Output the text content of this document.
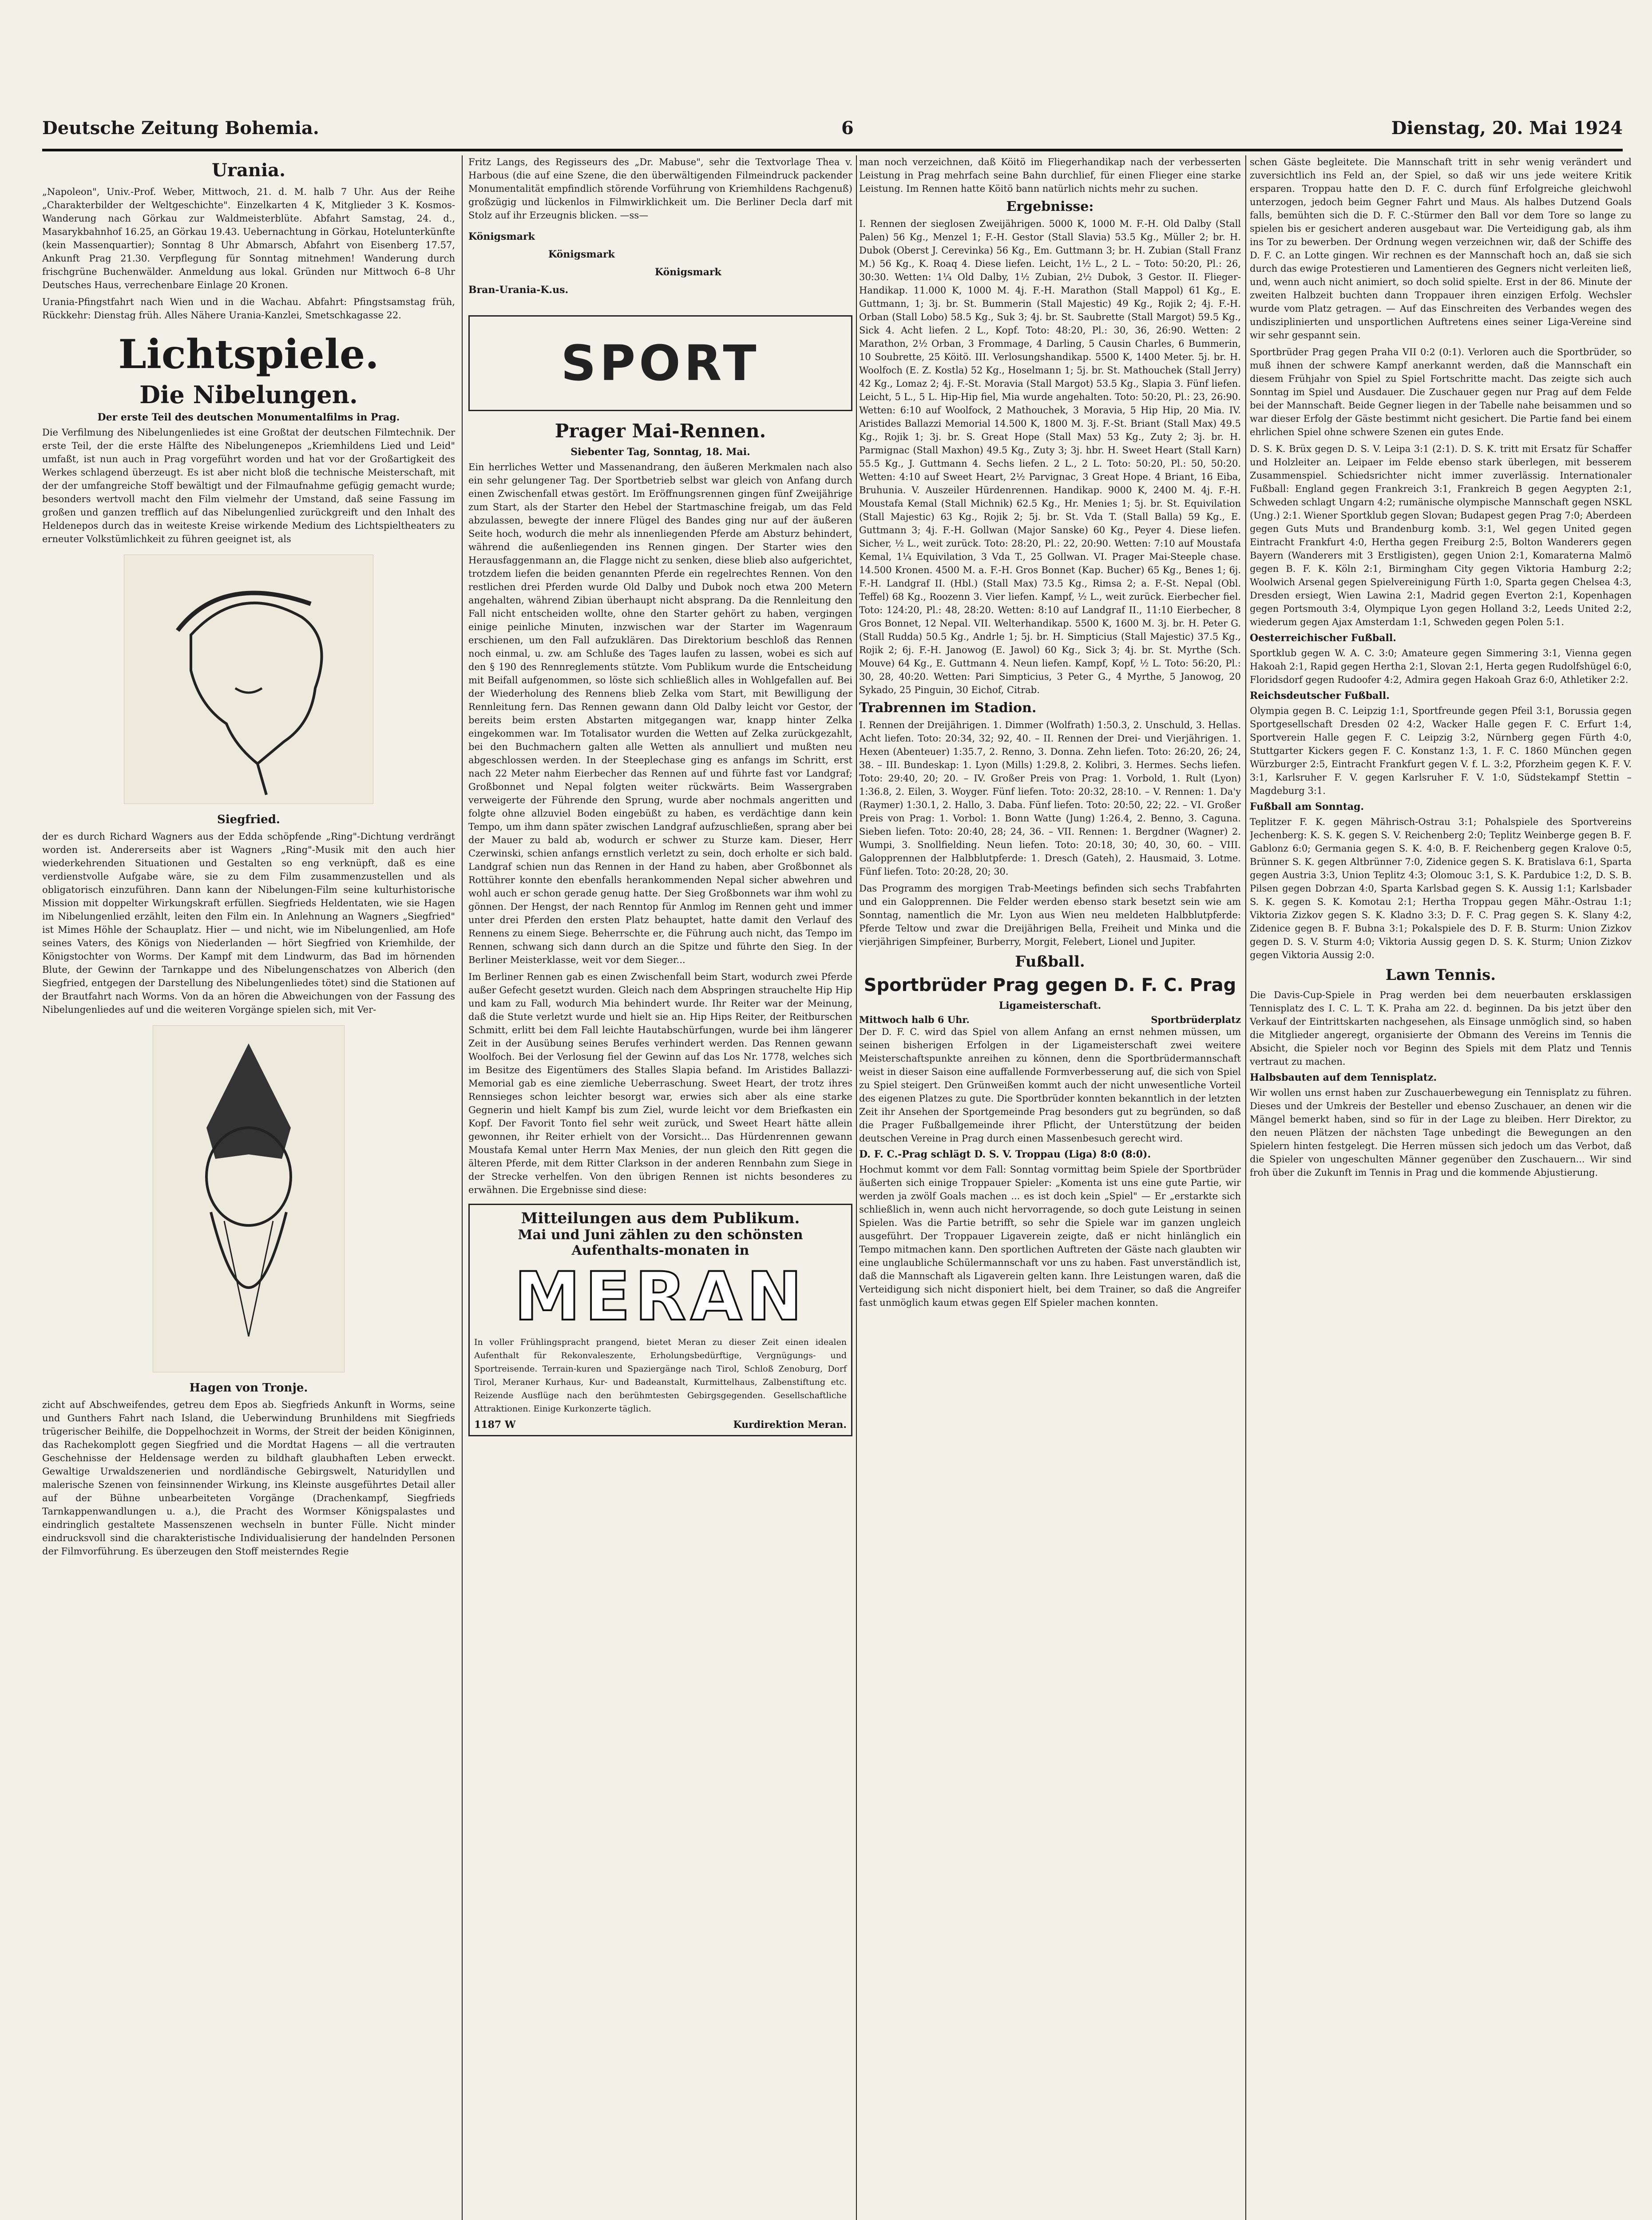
Deutsche Zeitung Bohemia.	6	Dienstag, 20. Mai 1924
Urania.

„Napoleon", Univ.-Prof. Weber, Mittwoch, 21. d. M. halb 7 Uhr. Aus der Reihe „Charakterbilder der Weltgeschichte". Einzelkarten 4 K, Mitglieder 3 K. Kosmos-Wanderung nach Görkau zur Waldmeisterblüte. Abfahrt Samstag, 24. d., Masarykbahnhof 16.25, an Görkau 19.43. Uebernachtung in Görkau, Hotelunterkünfte (kein Massenquartier); Sonntag 8 Uhr Abmarsch, Abfahrt von Eisenberg 17.57, Ankunft Prag 21.30. Verpflegung für Sonntag mitnehmen! Wanderung durch frischgrüne Buchenwälder. Anmeldung aus lokal. Gründen nur Mittwoch 6–8 Uhr Deutsches Haus, verrechenbare Einlage 20 Kronen.

Urania-Pfingstfahrt nach Wien und in die Wachau. Abfahrt: Pfingstsamstag früh, Rückkehr: Dienstag früh. Alles Nähere Urania-Kanzlei, Smetschkagasse 22.

Lichtspiele.
Die Nibelungen.
Der erste Teil des deutschen Monumentalfilms in Prag.

Die Verfilmung des Nibelungenliedes ist eine Großtat der deutschen Filmtechnik. Der erste Teil, der die erste Hälfte des Nibelungenepos „Kriemhildens Lied und Leid" umfaßt, ist nun auch in Prag vorgeführt worden und hat vor der Großartigkeit des Werkes schlagend überzeugt. Es ist aber nicht bloß die technische Meisterschaft, mit der der umfangreiche Stoff bewältigt und der Filmaufnahme gefügig gemacht wurde; besonders wertvoll macht den Film vielmehr der Umstand, daß seine Fassung im großen und ganzen trefflich auf das Nibelungenlied zurückgreift und den Inhalt des Heldenepos durch das in weiteste Kreise wirkende Medium des Lichtspieltheaters zu erneuter Volkstümlichkeit zu führen geeignet ist, als

Siegfried.

der es durch Richard Wagners aus der Edda schöpfende „Ring"-Dichtung verdrängt worden ist. Andererseits aber ist Wagners „Ring"-Musik mit den auch hier wiederkehrenden Situationen und Gestalten so eng verknüpft, daß es eine verdienstvolle Aufgabe wäre, sie zu dem Film zusammenzustellen und als obligatorisch einzuführen. Dann kann der Nibelungen-Film seine kulturhistorische Mission mit doppelter Wirkungskraft erfüllen. Siegfrieds Heldentaten, wie sie Hagen im Nibelungenlied erzählt, leiten den Film ein. In Anlehnung an Wagners „Siegfried" ist Mimes Höhle der Schauplatz. Hier — und nicht, wie im Nibelungenlied, am Hofe seines Vaters, des Königs von Niederlanden — hört Siegfried von Kriemhilde, der Königstochter von Worms. Der Kampf mit dem Lindwurm, das Bad im hörnenden Blute, der Gewinn der Tarnkappe und des Nibelungenschatzes von Alberich (den Siegfried, entgegen der Darstellung des Nibelungenliedes tötet) sind die Stationen auf der Brautfahrt nach Worms. Von da an hören die Abweichungen von der Fassung des Nibelungenliedes auf und die weiteren Vorgänge spielen sich, mit Ver-

Hagen von Tronje.

zicht auf Abschweifendes, getreu dem Epos ab. Siegfrieds Ankunft in Worms, seine und Gunthers Fahrt nach Island, die Ueberwindung Brunhildens mit Siegfrieds trügerischer Beihilfe, die Doppelhochzeit in Worms, der Streit der beiden Königinnen, das Rachekomplott gegen Siegfried und die Mordtat Hagens — all die vertrauten Geschehnisse der Heldensage werden zu bildhaft glaubhaften Leben erweckt. Gewaltige Urwaldszenerien und nordländische Gebirgswelt, Naturidyllen und malerische Szenen von feinsinnender Wirkung, ins Kleinste ausgeführtes Detail aller auf der Bühne unbearbeiteten Vorgänge (Drachenkampf, Siegfrieds Tarnkappenwandlungen u. a.), die Pracht des Wormser Königspalastes und eindringlich gestaltete Massenszenen wechseln in bunter Fülle. Nicht minder eindrucksvoll sind die charakteristische Individualisierung der handelnden Personen der Filmvorführung. Es überzeugen den Stoff meisterndes Regie

Fritz Langs, des Regisseurs des „Dr. Mabuse", sehr die Textvorlage Thea v. Harbous (die auf eine Szene, die den überwältigenden Filmeindruck packender Monumentalität empfindlich störende Vorführung von Kriemhildens Rachgenuß) großzügig und lückenlos in Filmwirklichkeit um. Die Berliner Decla darf mit Stolz auf ihr Erzeugnis blicken. —ss—

Königsmark
Königsmark
Königsmark
Bran-Urania-K.us.
SPORT
Prager Mai-Rennen.
Siebenter Tag, Sonntag, 18. Mai.

Ein herrliches Wetter und Massenandrang, den äußeren Merkmalen nach also ein sehr gelungener Tag. Der Sportbetrieb selbst war gleich von Anfang durch einen Zwischenfall etwas gestört. Im Eröffnungsrennen gingen fünf Zweijährige zum Start, als der Starter den Hebel der Startmaschine freigab, um das Feld abzulassen, bewegte der innere Flügel des Bandes ging nur auf der äußeren Seite hoch, wodurch die mehr als innenliegenden Pferde am Absturz behindert, während die außenliegenden ins Rennen gingen. Der Starter wies den Herausfaggenmann an, die Flagge nicht zu senken, diese blieb also aufgerichtet, trotzdem liefen die beiden genannten Pferde ein regelrechtes Rennen. Von den restlichen drei Pferden wurde Old Dalby und Dubok noch etwa 200 Metern angehalten, während Zibian überhaupt nicht absprang. Da die Rennleitung den Fall nicht entscheiden wollte, ohne den Starter gehört zu haben, vergingen einige peinliche Minuten, inzwischen war der Starter im Wagenraum erschienen, um den Fall aufzuklären. Das Direktorium beschloß das Rennen noch einmal, u. zw. am Schluße des Tages laufen zu lassen, wobei es sich auf den § 190 des Rennreglements stützte. Vom Publikum wurde die Entscheidung mit Beifall aufgenommen, so löste sich schließlich alles in Wohlgefallen auf. Bei der Wiederholung des Rennens blieb Zelka vom Start, mit Bewilligung der Rennleitung fern. Das Rennen gewann dann Old Dalby leicht vor Gestor, der bereits beim ersten Abstarten mitgegangen war, knapp hinter Zelka eingekommen war. Im Totalisator wurden die Wetten auf Zelka zurückgezahlt, bei den Buchmachern galten alle Wetten als annulliert und mußten neu abgeschlossen werden. In der Steeplechase ging es anfangs im Schritt, erst nach 22 Meter nahm Eierbecher das Rennen auf und führte fast vor Landgraf; Großbonnet und Nepal folgten weiter rückwärts. Beim Wassergraben verweigerte der Führende den Sprung, wurde aber nochmals angeritten und folgte ohne allzuviel Boden eingebüßt zu haben, es verdächtige dann kein Tempo, um ihm dann später zwischen Landgraf aufzuschließen, sprang aber bei der Mauer zu bald ab, wodurch er schwer zu Sturze kam. Dieser, Herr Czerwinski, schien anfangs ernstlich verletzt zu sein, doch erholte er sich bald. Landgraf schien nun das Rennen in der Hand zu haben, aber Großbonnet als Rottührer konnte den ebenfalls herankommenden Nepal sicher abwehren und wohl auch er schon gerade genug hatte. Der Sieg Großbonnets war ihm wohl zu gönnen. Der Hengst, der nach Renntop für Anmlog im Rennen geht und immer unter drei Pferden den ersten Platz behauptet, hatte damit den Verlauf des Rennens zu einem Siege. Beherrschte er, die Führung auch nicht, das Tempo im Rennen, schwang sich dann durch an die Spitze und führte den Sieg. In der Berliner Meisterklasse, weit vor dem Sieger...

Im Berliner Rennen gab es einen Zwischenfall beim Start, wodurch zwei Pferde außer Gefecht gesetzt wurden. Gleich nach dem Abspringen strauchelte Hip Hip und kam zu Fall, wodurch Mia behindert wurde. Ihr Reiter war der Meinung, daß die Stute verletzt wurde und hielt sie an. Hip Hips Reiter, der Reitburschen Schmitt, erlitt bei dem Fall leichte Hautabschürfungen, wurde bei ihm längerer Zeit in der Ausübung seines Berufes verhindert werden. Das Rennen gewann Woolfoch. Bei der Verlosung fiel der Gewinn auf das Los Nr. 1778, welches sich im Besitze des Eigentümers des Stalles Slapia befand. Im Aristides Ballazzi-Memorial gab es eine ziemliche Ueberraschung. Sweet Heart, der trotz ihres Rennsieges schon leichter besorgt war, erwies sich aber als eine starke Gegnerin und hielt Kampf bis zum Ziel, wurde leicht vor dem Briefkasten ein Kopf. Der Favorit Tonto fiel sehr weit zurück, und Sweet Heart hätte allein gewonnen, ihr Reiter erhielt von der Vorsicht... Das Hürdenrennen gewann Moustafa Kemal unter Herrn Max Menies, der nun gleich den Ritt gegen die älteren Pferde, mit dem Ritter Clarkson in der anderen Rennbahn zum Siege in der Strecke verhelfen. Von den übrigen Rennen ist nichts besonderes zu erwähnen. Die Ergebnisse sind diese:

Mitteilungen aus dem Publikum.
Mai und Juni zählen zu den schönsten Aufenthalts-monaten in
MERAN

In voller Frühlingspracht prangend, bietet Meran zu dieser Zeit einen idealen Aufenthalt für Rekonvaleszente, Erholungsbedürftige, Vergnügungs- und Sportreisende. Terrain-kuren und Spaziergänge nach Tirol, Schloß Zenoburg, Dorf Tirol, Meraner Kurhaus, Kur- und Badeanstalt, Kurmittelhaus, Zalbenstiftung etc. Reizende Ausflüge nach den berühmtesten Gebirgsgegenden. Gesellschaftliche Attraktionen. Einige Kurkonzerte täglich.

1187 W	Kurdirektion Meran.

man noch verzeichnen, daß Köitö im Fliegerhandikap nach der verbesserten Leistung in Prag mehrfach seine Bahn durchlief, für einen Flieger eine starke Leistung. Im Rennen hatte Köitö bann natürlich nichts mehr zu suchen.

Ergebnisse:

I. Rennen der sieglosen Zweijährigen. 5000 K, 1000 M. F.-H. Old Dalby (Stall Palen) 56 Kg., Menzel 1; F.-H. Gestor (Stall Slavia) 53.5 Kg., Müller 2; br. H. Dubok (Oberst J. Cerevinka) 56 Kg., Em. Guttmann 3; br. H. Zubian (Stall Franz M.) 56 Kg., K. Roaq 4. Diese liefen. Leicht, 1½ L., 2 L. – Toto: 50:20, Pl.: 26, 30:30. Wetten: 1¼ Old Dalby, 1½ Zubian, 2½ Dubok, 3 Gestor. II. Flieger-Handikap. 11.000 K, 1000 M. 4j. F.-H. Marathon (Stall Mappol) 61 Kg., E. Guttmann, 1; 3j. br. St. Bummerin (Stall Majestic) 49 Kg., Rojik 2; 4j. F.-H. Orban (Stall Lobo) 58.5 Kg., Suk 3; 4j. br. St. Saubrette (Stall Margot) 59.5 Kg., Sick 4. Acht liefen. 2 L., Kopf. Toto: 48:20, Pl.: 30, 36, 26:90. Wetten: 2 Marathon, 2½ Orban, 3 Frommage, 4 Darling, 5 Causin Charles, 6 Bummerin, 10 Soubrette, 25 Köitö. III. Verlosungshandikap. 5500 K, 1400 Meter. 5j. br. H. Woolfoch (E. Z. Kostla) 52 Kg., Hoselmann 1; 5j. br. St. Mathouchek (Stall Jerry) 42 Kg., Lomaz 2; 4j. F.-St. Moravia (Stall Margot) 53.5 Kg., Slapia 3. Fünf liefen. Leicht, 5 L., 5 L. Hip-Hip fiel, Mia wurde angehalten. Toto: 50:20, Pl.: 23, 26:90. Wetten: 6:10 auf Woolfock, 2 Mathouchek, 3 Moravia, 5 Hip Hip, 20 Mia. IV. Aristides Ballazzi Memorial 14.500 K, 1800 M. 3j. F.-St. Briant (Stall Max) 49.5 Kg., Rojik 1; 3j. br. S. Great Hope (Stall Max) 53 Kg., Zuty 2; 3j. br. H. Parmignac (Stall Maxhon) 49.5 Kg., Zuty 3; 3j. hbr. H. Sweet Heart (Stall Karn) 55.5 Kg., J. Guttmann 4. Sechs liefen. 2 L., 2 L. Toto: 50:20, Pl.: 50, 50:20. Wetten: 4:10 auf Sweet Heart, 2½ Parvignac, 3 Great Hope. 4 Briant, 16 Eiba, Bruhunia. V. Auszeiler Hürdenrennen. Handikap. 9000 K, 2400 M. 4j. F.-H. Moustafa Kemal (Stall Michnik) 62.5 Kg., Hr. Menies 1; 5j. br. St. Equivilation (Stall Majestic) 63 Kg., Rojik 2; 5j. br. St. Vda T. (Stall Balla) 59 Kg., E. Guttmann 3; 4j. F.-H. Gollwan (Major Sanske) 60 Kg., Peyer 4. Diese liefen. Sicher, ½ L., weit zurück. Toto: 28:20, Pl.: 22, 20:90. Wetten: 7:10 auf Moustafa Kemal, 1¼ Equivilation, 3 Vda T., 25 Gollwan. VI. Prager Mai-Steeple chase. 14.500 Kronen. 4500 M. a. F.-H. Gros Bonnet (Kap. Bucher) 65 Kg., Benes 1; 6j. F.-H. Landgraf II. (Hbl.) (Stall Max) 73.5 Kg., Rimsa 2; a. F.-St. Nepal (Obl. Teffel) 68 Kg., Roozenn 3. Vier liefen. Kampf, ½ L., weit zurück. Eierbecher fiel. Toto: 124:20, Pl.: 48, 28:20. Wetten: 8:10 auf Landgraf II., 11:10 Eierbecher, 8 Gros Bonnet, 12 Nepal. VII. Welterhandikap. 5500 K, 1600 M. 3j. br. H. Peter G. (Stall Rudda) 50.5 Kg., Andrle 1; 5j. br. H. Simpticius (Stall Majestic) 37.5 Kg., Rojik 2; 6j. F.-H. Janowog (E. Jawol) 60 Kg., Sick 3; 4j. br. St. Myrthe (Sch. Mouve) 64 Kg., E. Guttmann 4. Neun liefen. Kampf, Kopf, ½ L. Toto: 56:20, Pl.: 30, 28, 40:20. Wetten: Pari Simpticius, 3 Peter G., 4 Myrthe, 5 Janowog, 20 Sykado, 25 Pinguin, 30 Eichof, Citrab.

Trabrennen im Stadion.

I. Rennen der Dreijährigen. 1. Dimmer (Wolfrath) 1:50.3, 2. Unschuld, 3. Hellas. Acht liefen. Toto: 20:34, 32; 92, 40. – II. Rennen der Drei- und Vierjährigen. 1. Hexen (Abenteuer) 1:35.7, 2. Renno, 3. Donna. Zehn liefen. Toto: 26:20, 26; 24, 38. – III. Bundeskap: 1. Lyon (Mills) 1:29.8, 2. Kolibri, 3. Hermes. Sechs liefen. Toto: 29:40, 20; 20. – IV. Großer Preis von Prag: 1. Vorbold, 1. Rult (Lyon) 1:36.8, 2. Eilen, 3. Woyger. Fünf liefen. Toto: 20:32, 28:10. – V. Rennen: 1. Da'y (Raymer) 1:30.1, 2. Hallo, 3. Daba. Fünf liefen. Toto: 20:50, 22; 22. – VI. Großer Preis von Prag: 1. Vorbol: 1. Bonn Watte (Jung) 1:26.4, 2. Benno, 3. Caguna. Sieben liefen. Toto: 20:40, 28; 24, 36. – VII. Rennen: 1. Bergdner (Wagner) 2. Wumpi, 3. Snollfielding. Neun liefen. Toto: 20:18, 30; 40, 30, 60. – VIII. Galopprennen der Halbblutpferde: 1. Dresch (Gateh), 2. Hausmaid, 3. Lotme. Fünf liefen. Toto: 20:28, 20; 30.

Das Programm des morgigen Trab-Meetings befinden sich sechs Trabfahrten und ein Galopprennen. Die Felder werden ebenso stark besetzt sein wie am Sonntag, namentlich die Mr. Lyon aus Wien neu meldeten Halbblutpferde: Pferde Teltow und zwar die Dreijährigen Bella, Freiheit und Minka und die vierjährigen Simpfeiner, Burberry, Morgit, Felebert, Lionel und Jupiter.

Fußball.
Sportbrüder Prag gegen D. F. C. Prag
Ligameisterschaft.
Mittwoch halb 6 Uhr.	Sportbrüderplatz

Der D. F. C. wird das Spiel von allem Anfang an ernst nehmen müssen, um seinen bisherigen Erfolgen in der Ligameisterschaft zwei weitere Meisterschaftspunkte anreihen zu können, denn die Sportbrüdermannschaft weist in dieser Saison eine auffallende Formverbesserung auf, die sich von Spiel zu Spiel steigert. Den Grünweißen kommt auch der nicht unwesentliche Vorteil des eigenen Platzes zu gute. Die Sportbrüder konnten bekanntlich in der letzten Zeit ihr Ansehen der Sportgemeinde Prag besonders gut zu begründen, so daß die Prager Fußballgemeinde ihrer Pflicht, der Unterstützung der beiden deutschen Vereine in Prag durch einen Massenbesuch gerecht wird.

D. F. C.-Prag schlägt D. S. V. Troppau (Liga) 8:0 (8:0).

Hochmut kommt vor dem Fall: Sonntag vormittag beim Spiele der Sportbrüder äußerten sich einige Troppauer Spieler: „Komenta ist uns eine gute Partie, wir werden ja zwölf Goals machen ... es ist doch kein „Spiel" — Er „erstarkte sich schließlich in, wenn auch nicht hervorragende, so doch gute Leistung in seinen Spielen. Was die Partie betrifft, so sehr die Spiele war im ganzen ungleich ausgeführt. Der Troppauer Ligaverein zeigte, daß er nicht hinlänglich ein Tempo mitmachen kann. Den sportlichen Auftreten der Gäste nach glaubten wir eine unglaubliche Schülermannschaft vor uns zu haben. Fast unverständlich ist, daß die Mannschaft als Ligaverein gelten kann. Ihre Leistungen waren, daß die Verteidigung sich nicht disponiert hielt, bei dem Trainer, so daß die Angreifer fast unmöglich kaum etwas gegen Elf Spieler machen konnten.

schen Gäste begleitete. Die Mannschaft tritt in sehr wenig verändert und zuversichtlich ins Feld an, der Spiel, so daß wir uns jede weitere Kritik ersparen. Troppau hatte den D. F. C. durch fünf Erfolgreiche gleichwohl unterzogen, jedoch beim Gegner Fahrt und Maus. Als halbes Dutzend Goals falls, bemühten sich die D. F. C.-Stürmer den Ball vor dem Tore so lange zu spielen bis er gesichert anderen ausgebaut war. Die Verteidigung gab, als ihm ins Tor zu bewerben. Der Ordnung wegen verzeichnen wir, daß der Schiffe des D. F. C. an Lotte gingen. Wir rechnen es der Mannschaft hoch an, daß sie sich durch das ewige Protestieren und Lamentieren des Gegners nicht verleiten ließ, und, wenn auch nicht animiert, so doch solid spielte. Erst in der 86. Minute der zweiten Halbzeit buchten dann Troppauer ihren einzigen Erfolg. Wechsler wurde vom Platz getragen. — Auf das Einschreiten des Verbandes wegen des undisziplinierten und unsportlichen Auftretens eines seiner Liga-Vereine sind wir sehr gespannt sein.

Sportbrüder Prag gegen Praha VII 0:2 (0:1). Verloren auch die Sportbrüder, so muß ihnen der schwere Kampf anerkannt werden, daß die Mannschaft ein diesem Frühjahr von Spiel zu Spiel Fortschritte macht. Das zeigte sich auch Sonntag im Spiel und Ausdauer. Die Zuschauer gegen nur Prag auf dem Felde bei der Mannschaft. Beide Gegner liegen in der Tabelle nahe beisammen und so war dieser Erfolg der Gäste bestimmt nicht gesichert. Die Partie fand bei einem ehrlichen Spiel ohne schwere Szenen ein gutes Ende.

D. S. K. Brüx gegen D. S. V. Leipa 3:1 (2:1). D. S. K. tritt mit Ersatz für Schaffer und Holzleiter an. Leipaer im Felde ebenso stark überlegen, mit besserem Zusammenspiel. Schiedsrichter nicht immer zuverlässig. Internationaler Fußball: England gegen Frankreich 3:1, Frankreich B gegen Aegypten 2:1, Schweden schlagt Ungarn 4:2; rumänische olympische Mannschaft gegen NSKL (Ung.) 2:1. Wiener Sportklub gegen Slovan; Budapest gegen Prag 7:0; Aberdeen gegen Guts Muts und Brandenburg komb. 3:1, Wel gegen United gegen Eintracht Frankfurt 4:0, Hertha gegen Freiburg 2:5, Bolton Wanderers gegen Bayern (Wanderers mit 3 Erstligisten), gegen Union 2:1, Komaraterna Malmö gegen B. F. K. Köln 2:1, Birmingham City gegen Viktoria Hamburg 2:2; Woolwich Arsenal gegen Spielvereinigung Fürth 1:0, Sparta gegen Chelsea 4:3, Dresden ersiegt, Wien Lawina 2:1, Madrid gegen Everton 2:1, Kopenhagen gegen Portsmouth 3:4, Olympique Lyon gegen Holland 3:2, Leeds United 2:2, wiederum gegen Ajax Amsterdam 1:1, Schweden gegen Polen 5:1.

Oesterreichischer Fußball.

Sportklub gegen W. A. C. 3:0; Amateure gegen Simmering 3:1, Vienna gegen Hakoah 2:1, Rapid gegen Hertha 2:1, Slovan 2:1, Herta gegen Rudolfshügel 6:0, Floridsdorf gegen Rudoofer 4:2, Admira gegen Hakoah Graz 6:0, Athletiker 2:2.

Reichsdeutscher Fußball.

Olympia gegen B. C. Leipzig 1:1, Sportfreunde gegen Pfeil 3:1, Borussia gegen Sportgesellschaft Dresden 02 4:2, Wacker Halle gegen F. C. Erfurt 1:4, Sportverein Halle gegen F. C. Leipzig 3:2, Nürnberg gegen Fürth 4:0, Stuttgarter Kickers gegen F. C. Konstanz 1:3, 1. F. C. 1860 München gegen Würzburger 2:5, Eintracht Frankfurt gegen V. f. L. 3:2, Pforzheim gegen K. F. V. 3:1, Karlsruher F. V. gegen Karlsruher F. V. 1:0, Südstekampf Stettin – Magdeburg 3:1.

Fußball am Sonntag.

Teplitzer F. K. gegen Mährisch-Ostrau 3:1; Pohalspiele des Sportvereins Jechenberg: K. S. K. gegen S. V. Reichenberg 2:0; Teplitz Weinberge gegen B. F. Gablonz 6:0; Germania gegen S. K. 4:0, B. F. Reichenberg gegen Kralove 0:5, Brünner S. K. gegen Altbrünner 7:0, Zidenice gegen S. K. Bratislava 6:1, Sparta gegen Austria 3:3, Union Teplitz 4:3; Olomouc 3:1, S. K. Pardubice 1:2, D. S. B. Pilsen gegen Dobrzan 4:0, Sparta Karlsbad gegen S. K. Aussig 1:1; Karlsbader S. K. gegen S. K. Komotau 2:1; Hertha Troppau gegen Mähr.-Ostrau 1:1; Viktoria Zizkov gegen S. K. Kladno 3:3; D. F. C. Prag gegen S. K. Slany 4:2, Zidenice gegen B. F. Bubna 3:1; Pokalspiele des D. F. B. Sturm: Union Zizkov gegen D. S. V. Sturm 4:0; Viktoria Aussig gegen D. S. K. Sturm; Union Zizkov gegen Viktoria Aussig 2:0.

Lawn Tennis.

Die Davis-Cup-Spiele in Prag werden bei dem neuerbauten ersklassigen Tennisplatz des I. C. L. T. K. Praha am 22. d. beginnen. Da bis jetzt über den Verkauf der Eintrittskarten nachgesehen, als Einsage unmöglich sind, so haben die Mitglieder angeregt, organisierte der Obmann des Vereins im Tennis die Absicht, die Spieler noch vor Beginn des Spiels mit dem Platz und Tennis vertraut zu machen.

Halbsbauten auf dem Tennisplatz.

Wir wollen uns ernst haben zur Zuschauerbewegung ein Tennisplatz zu führen. Dieses und der Umkreis der Besteller und ebenso Zuschauer, an denen wir die Mängel bemerkt haben, sind so für in der Lage zu bleiben. Herr Direktor, zu den neuen Plätzen der nächsten Tage unbedingt die Bewegungen an den Spielern hinten festgelegt. Die Herren müssen sich jedoch um das Verbot, daß die Spieler von ungeschulten Männer gegenüber den Zuschauern... Wir sind froh über die Zukunft im Tennis in Prag und die kommende Abjustierung.
